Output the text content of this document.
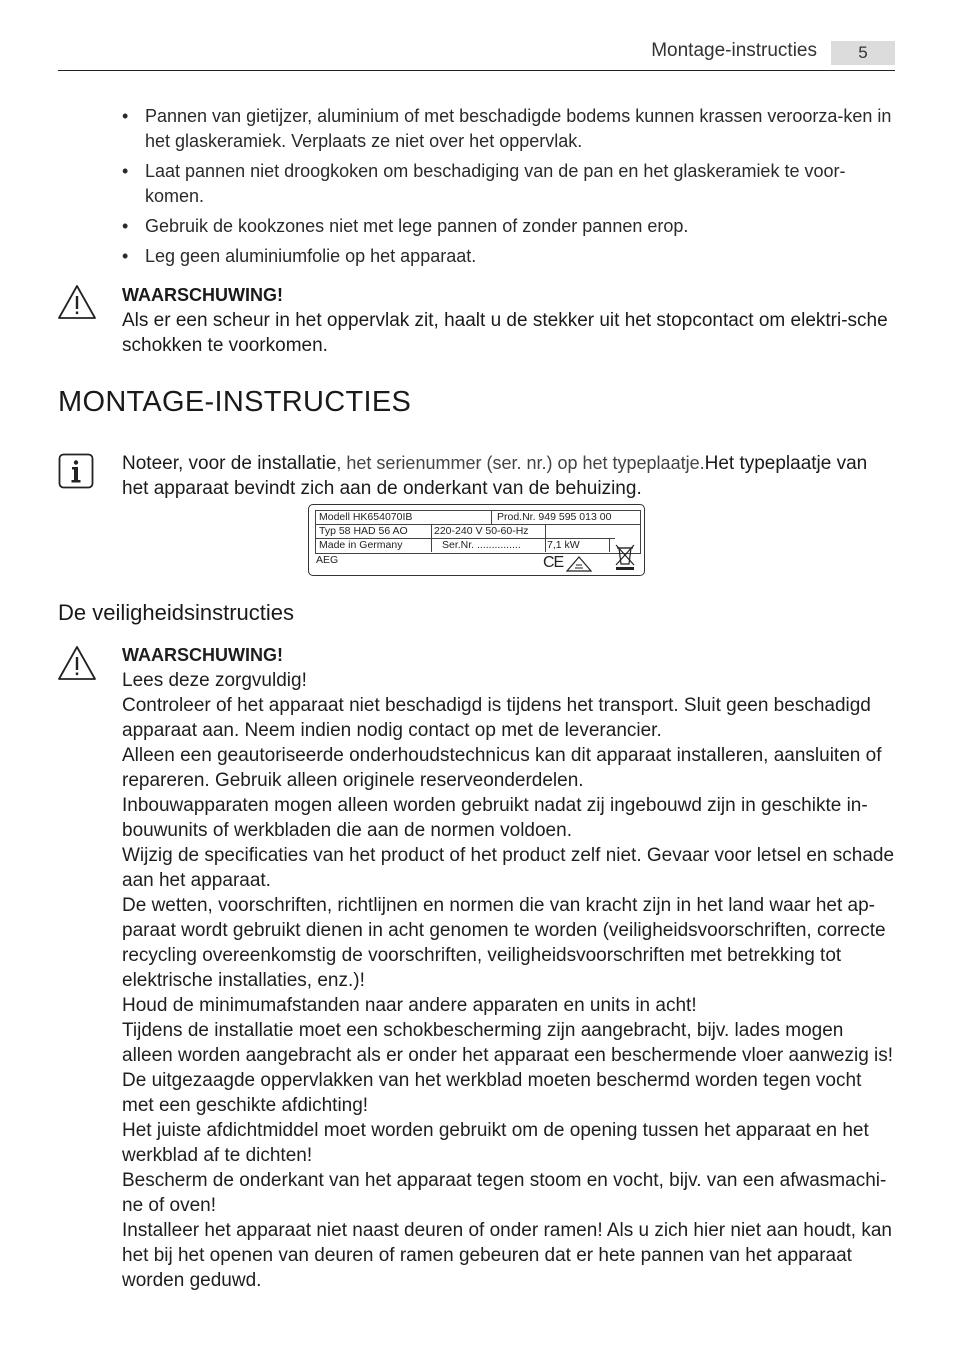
Montage-instructies	5
• Pannen van gietijzer, aluminium of met beschadigde bodems kunnen krassen veroorza-ken in het glaskeramiek. Verplaats ze niet over het oppervlak.
• Laat pannen niet droogkoken om beschadiging van de pan en het glaskeramiek te voor-komen.
• Gebruik de kookzones niet met lege pannen of zonder pannen erop.
• Leg geen aluminiumfolie op het apparaat.
WAARSCHUWING!
Als er een scheur in het oppervlak zit, haalt u de stekker uit het stopcontact om elektri-sche schokken te voorkomen.
MONTAGE-INSTRUCTIES
Noteer, voor de installatie, het serienummer (ser. nr.) op het typeplaatje.Het typeplaatje van het apparaat bevindt zich aan de onderkant van de behuizing.
Modell HK654070IB	Prod.Nr. 949 595 013 00
Typ 58 HAD 56 AO	220-240 V 50-60-Hz
Made in Germany	Ser.Nr. ............... 7,1 kW
AEG	CE
De veiligheidsinstructies
WAARSCHUWING!

Lees deze zorgvuldig!

Controleer of het apparaat niet beschadigd is tijdens het transport. Sluit geen beschadigd apparaat aan. Neem indien nodig contact op met de leverancier.

Alleen een geautoriseerde onderhoudstechnicus kan dit apparaat installeren, aansluiten of repareren. Gebruik alleen originele reserveonderdelen.

Inbouwapparaten mogen alleen worden gebruikt nadat zij ingebouwd zijn in geschikte in-bouwunits of werkbladen die aan de normen voldoen.

Wijzig de specificaties van het product of het product zelf niet. Gevaar voor letsel en schade aan het apparaat.

De wetten, voorschriften, richtlijnen en normen die van kracht zijn in het land waar het ap-paraat wordt gebruikt dienen in acht genomen te worden (veiligheidsvoorschriften, correcte recycling overeenkomstig de voorschriften, veiligheidsvoorschriften met betrekking tot elektrische installaties, enz.)!

Houd de minimumafstanden naar andere apparaten en units in acht!

Tijdens de installatie moet een schokbescherming zijn aangebracht, bijv. lades mogen alleen worden aangebracht als er onder het apparaat een beschermende vloer aanwezig is!

De uitgezaagde oppervlakken van het werkblad moeten beschermd worden tegen vocht met een geschikte afdichting!

Het juiste afdichtmiddel moet worden gebruikt om de opening tussen het apparaat en het werkblad af te dichten!

Bescherm de onderkant van het apparaat tegen stoom en vocht, bijv. van een afwasmachi-ne of oven!

Installeer het apparaat niet naast deuren of onder ramen! Als u zich hier niet aan houdt, kan het bij het openen van deuren of ramen gebeuren dat er hete pannen van het apparaat worden geduwd.
